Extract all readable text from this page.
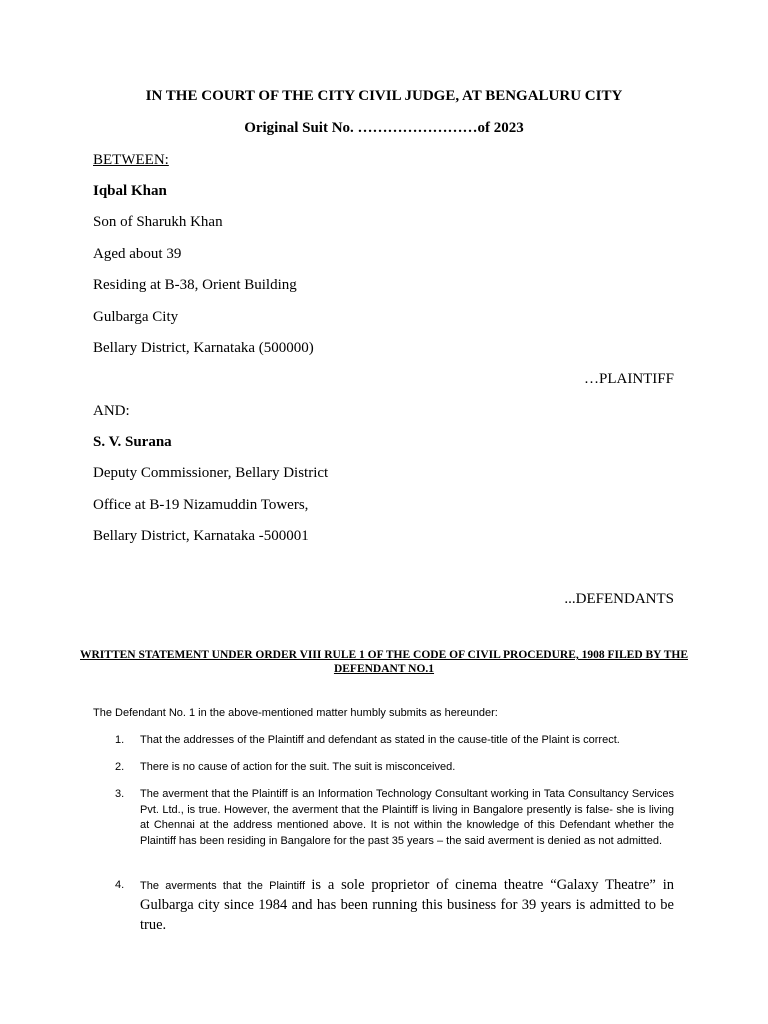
IN THE COURT OF THE CITY CIVIL JUDGE, AT BENGALURU CITY
Original Suit No. ……………………of 2023
BETWEEN:
Iqbal Khan
Son of Sharukh Khan
Aged about 39
Residing at B-38, Orient Building
Gulbarga City
Bellary District, Karnataka (500000)
…PLAINTIFF
AND:
S. V. Surana
Deputy Commissioner, Bellary District
Office at B-19 Nizamuddin Towers,
Bellary District, Karnataka -500001
...DEFENDANTS
WRITTEN STATEMENT UNDER ORDER VIII RULE 1 OF THE CODE OF CIVIL PROCEDURE, 1908 FILED BY THE DEFENDANT NO.1
The Defendant No. 1 in the above-mentioned matter humbly submits as hereunder:
1. That the addresses of the Plaintiff and defendant as stated in the cause-title of the Plaint is correct.
2. There is no cause of action for the suit. The suit is misconceived.
3. The averment that the Plaintiff is an Information Technology Consultant working in Tata Consultancy Services Pvt. Ltd., is true. However, the averment that the Plaintiff is living in Bangalore presently is false- she is living at Chennai at the address mentioned above. It is not within the knowledge of this Defendant whether the Plaintiff has been residing in Bangalore for the past 35 years – the said averment is denied as not admitted.
4. The averments that the Plaintiff is a sole proprietor of cinema theatre “Galaxy Theatre” in Gulbarga city since 1984 and has been running this business for 39 years is admitted to be true.
